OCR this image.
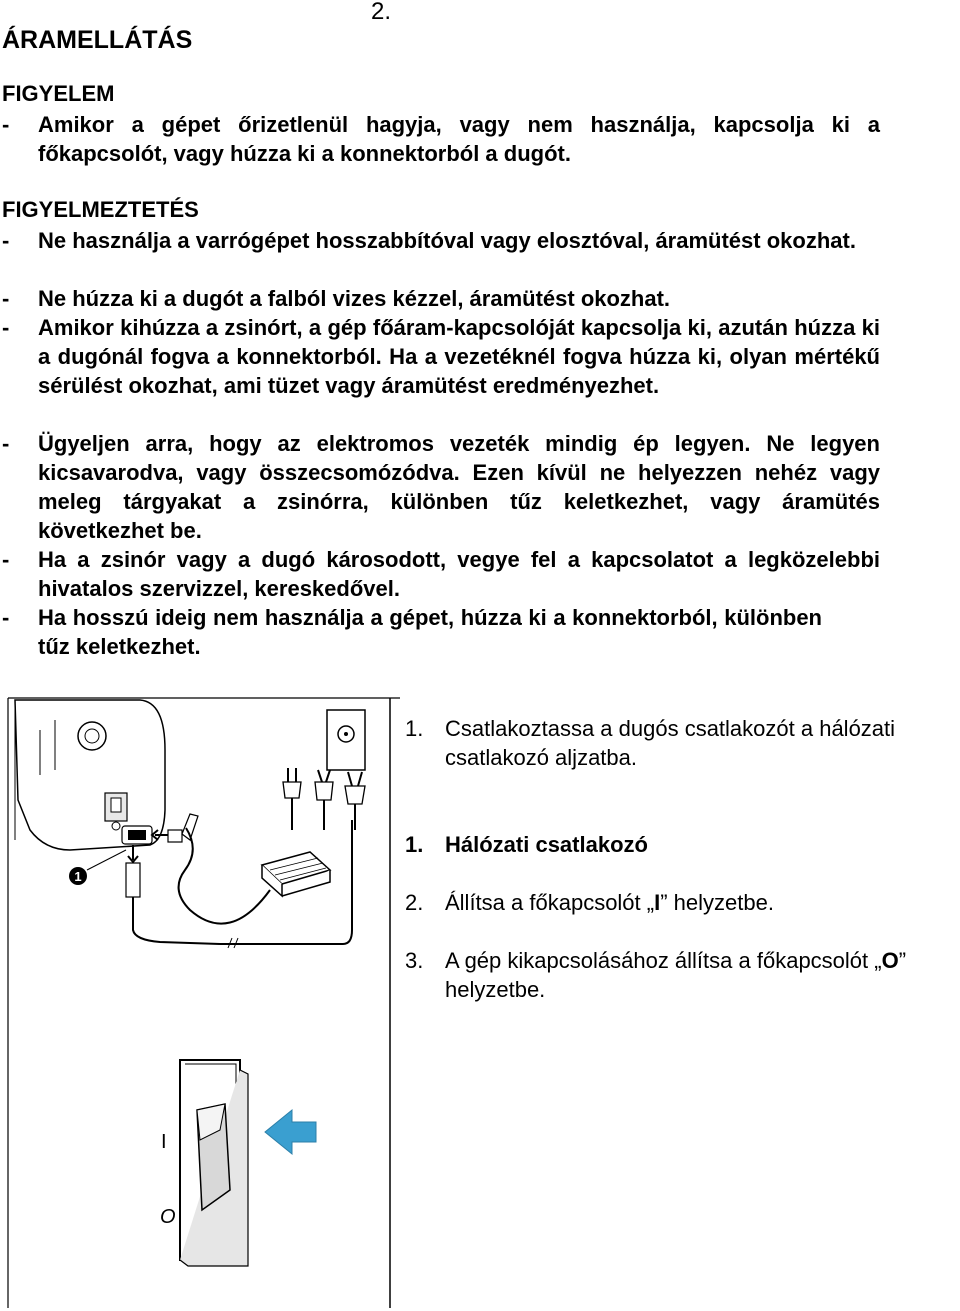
2.
ÁRAMELLÁTÁS
FIGYELEM
-	Amikor a gépet őrizetlenül hagyja, vagy nem használja, kapcsolja ki a főkapcsolót, vagy húzza ki a konnektorból a dugót.
FIGYELMEZTETÉS
-	Ne használja a varrógépet hosszabbítóval vagy elosztóval, áramütést okozhat.
-	Ne húzza ki a dugót a falból vizes kézzel, áramütést okozhat.
-	Amikor kihúzza a zsinórt, a gép főáram-kapcsolóját kapcsolja ki, azután húzza ki a dugónál fogva a konnektorból. Ha a vezetéknél fogva húzza ki, olyan mértékű sérülést okozhat, ami tüzet vagy áramütést eredményezhet.
-	Ügyeljen arra, hogy az elektromos vezeték mindig ép legyen. Ne legyen kicsavarodva, vagy összecsomózódva. Ezen kívül ne helyezzen nehéz vagy meleg tárgyakat a zsinórra, különben tűz keletkezhet, vagy áramütés következhet be.
-	Ha a zsinór vagy a dugó károsodott, vegye fel a kapcsolatot a legközelebbi hivatalos szervizzel, kereskedővel.
-	Ha hosszú ideig nem használja a gépet, húzza ki a konnektorból, különben tűz keletkezhet.
1
1. Csatlakoztassa a dugós csatlakozót a hálózati csatlakozó aljzatba.
1. Hálózati csatlakozó
2. Állítsa a főkapcsolót „I” helyzetbe.
3. A gép kikapcsolásához állítsa a főkapcsolót „O” helyzetbe.
I
O
